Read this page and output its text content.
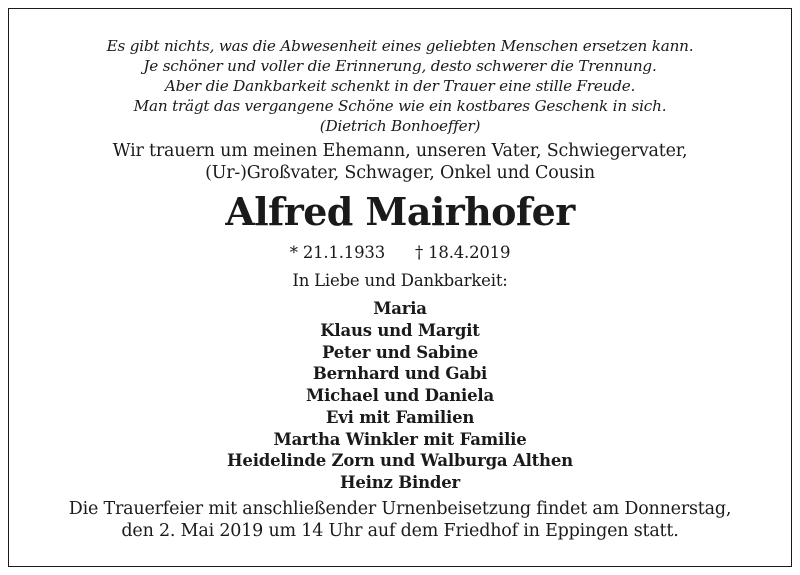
Es gibt nichts, was die Abwesenheit eines geliebten Menschen ersetzen kann.
Je schöner und voller die Erinnerung, desto schwerer die Trennung.
Aber die Dankbarkeit schenkt in der Trauer eine stille Freude.
Man trägt das vergangene Schöne wie ein kostbares Geschenk in sich.
(Dietrich Bonhoeffer)
Wir trauern um meinen Ehemann, unseren Vater, Schwiegervater,
(Ur-)Großvater, Schwager, Onkel und Cousin
Alfred Mairhofer
* 21.1.1933 † 18.4.2019
In Liebe und Dankbarkeit:
Maria
Klaus und Margit
Peter und Sabine
Bernhard und Gabi
Michael und Daniela
Evi mit Familien
Martha Winkler mit Familie
Heidelinde Zorn und Walburga Althen
Heinz Binder
Die Trauerfeier mit anschließender Urnenbeisetzung findet am Donnerstag,
den 2. Mai 2019 um 14 Uhr auf dem Friedhof in Eppingen statt.
